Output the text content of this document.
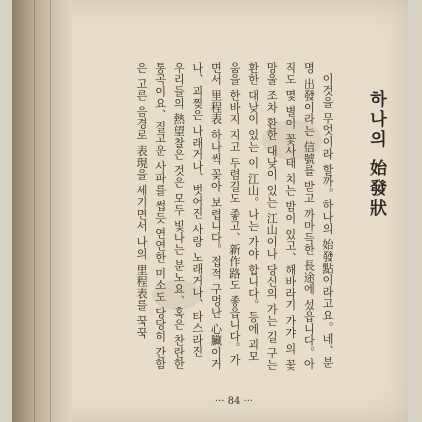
하나의 始發狀

이것을 무엇이라 할까。하나의 始發點이라고요。네、분명 出發이라는 信號를 받고 까마득한 長途에 섰읍니다。아직도 몇 별이 꽃사태 치는 밤이 있고、해바라기 가갸 의 꽃망울 조차 환한 대낮이 있는 江山이나 당신의 가는 길 구는 환한 대낮이 있는 이 江山。나는 가야 합니다。등에 괴모움을 한바지 지고 두렴길도 좋고、新作路도 좋읍니다。가면서 里程表 하나씩 꽂아 보렵니다。접적 구멍난 心臟이거나、괴찢은 나래거나、벗어진 사랑 노래거나、타스라진 우리들의 熱望찰은 것은 모두 빛나는 분노요、혹은 찬란한 통곡이요、질고운 사파를 썹듯 연연한 미소도 당당히 간함은 고른 음경로 表現을 세기면서 나의 里程表를 꾹꾹

··· 84 ···
